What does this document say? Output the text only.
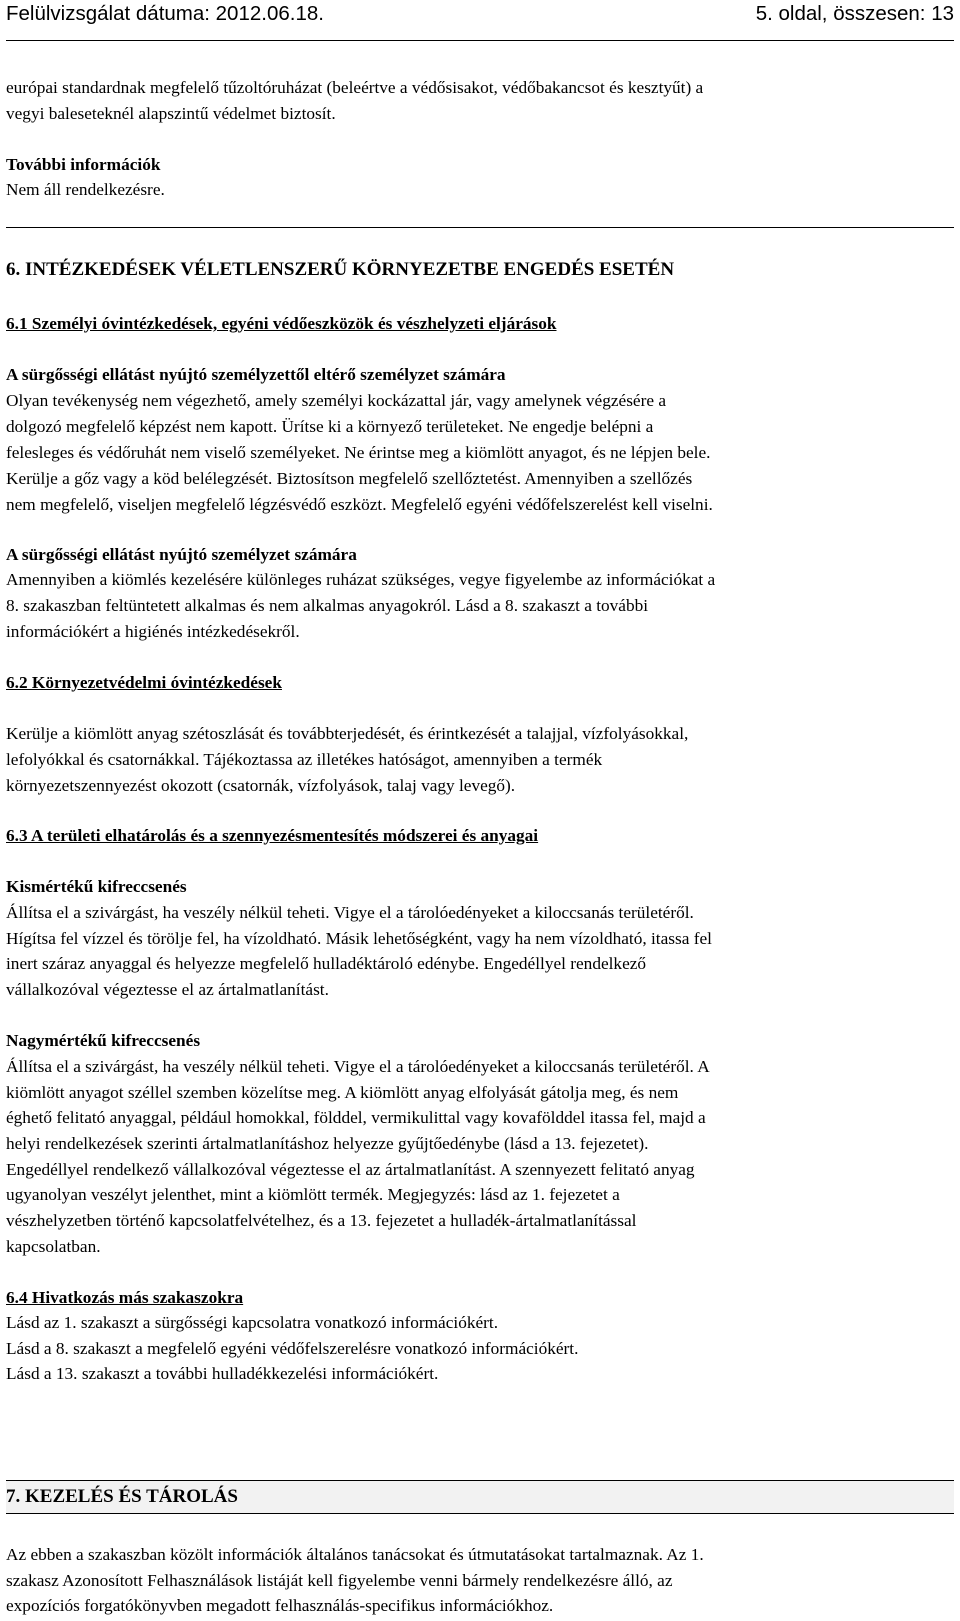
Felülvizsgálat dátuma: 2012.06.18.	5. oldal, összesen: 13
európai standardnak megfelelő tűzoltóruházat (beleértve a védősisakot, védőbakancsot és kesztyűt) a
vegyi baleseteknél alapszintű védelmet biztosít.
További információk
Nem áll rendelkezésre.
6. INTÉZKEDÉSEK VÉLETLENSZERŰ KÖRNYEZETBE ENGEDÉS ESETÉN
6.1 Személyi óvintézkedések, egyéni védőeszközök és vészhelyzeti eljárások
A sürgősségi ellátást nyújtó személyzettől eltérő személyzet számára
Olyan tevékenység nem végezhető, amely személyi kockázattal jár, vagy amelynek végzésére a
dolgozó megfelelő képzést nem kapott. Ürítse ki a környező területeket. Ne engedje belépni a
felesleges és védőruhát nem viselő személyeket. Ne érintse meg a kiömlött anyagot, és ne lépjen bele.
Kerülje a gőz vagy a köd belélegzését. Biztosítson megfelelő szellőztetést. Amennyiben a szellőzés
nem megfelelő, viseljen megfelelő légzésvédő eszközt. Megfelelő egyéni védőfelszerelést kell viselni.
A sürgősségi ellátást nyújtó személyzet számára
Amennyiben a kiömlés kezelésére különleges ruházat szükséges, vegye figyelembe az információkat a
8. szakaszban feltüntetett alkalmas és nem alkalmas anyagokról. Lásd a 8. szakaszt a további
információkért a higiénés intézkedésekről.
6.2 Környezetvédelmi óvintézkedések
Kerülje a kiömlött anyag szétoszlását és továbbterjedését, és érintkezését a talajjal, vízfolyásokkal,
lefolyókkal és csatornákkal. Tájékoztassa az illetékes hatóságot, amennyiben a termék
környezetszennyezést okozott (csatornák, vízfolyások, talaj vagy levegő).
6.3 A területi elhatárolás és a szennyezésmentesítés módszerei és anyagai
Kismértékű kifreccsenés
Állítsa el a szivárgást, ha veszély nélkül teheti. Vigye el a tárolóedényeket a kiloccsanás területéről.
Hígítsa fel vízzel és törölje fel, ha vízoldható. Másik lehetőségként, vagy ha nem vízoldható, itassa fel
inert száraz anyaggal és helyezze megfelelő hulladéktároló edénybe. Engedéllyel rendelkező
vállalkozóval végeztesse el az ártalmatlanítást.
Nagymértékű kifreccsenés
Állítsa el a szivárgást, ha veszély nélkül teheti. Vigye el a tárolóedényeket a kiloccsanás területéről. A
kiömlött anyagot széllel szemben közelítse meg. A kiömlött anyag elfolyását gátolja meg, és nem
éghető felitató anyaggal, például homokkal, földdel, vermikulittal vagy kovafölddel itassa fel, majd a
helyi rendelkezések szerinti ártalmatlanításhoz helyezze gyűjtőedénybe (lásd a 13. fejezetet).
Engedéllyel rendelkező vállalkozóval végeztesse el az ártalmatlanítást. A szennyezett felitató anyag
ugyanolyan veszélyt jelenthet, mint a kiömlött termék. Megjegyzés: lásd az 1. fejezetet a
vészhelyzetben történő kapcsolatfelvételhez, és a 13. fejezetet a hulladék-ártalmatlanítással
kapcsolatban.
6.4 Hivatkozás más szakaszokra
Lásd az 1. szakaszt a sürgősségi kapcsolatra vonatkozó információkért.
Lásd a 8. szakaszt a megfelelő egyéni védőfelszerelésre vonatkozó információkért.
Lásd a 13. szakaszt a további hulladékkezelési információkért.
7. KEZELÉS ÉS TÁROLÁS
Az ebben a szakaszban közölt információk általános tanácsokat és útmutatásokat tartalmaznak. Az 1.
szakasz Azonosított Felhasználások listáját kell figyelembe venni bármely rendelkezésre álló, az
expozíciós forgatókönyvben megadott felhasználás-specifikus információkhoz.
